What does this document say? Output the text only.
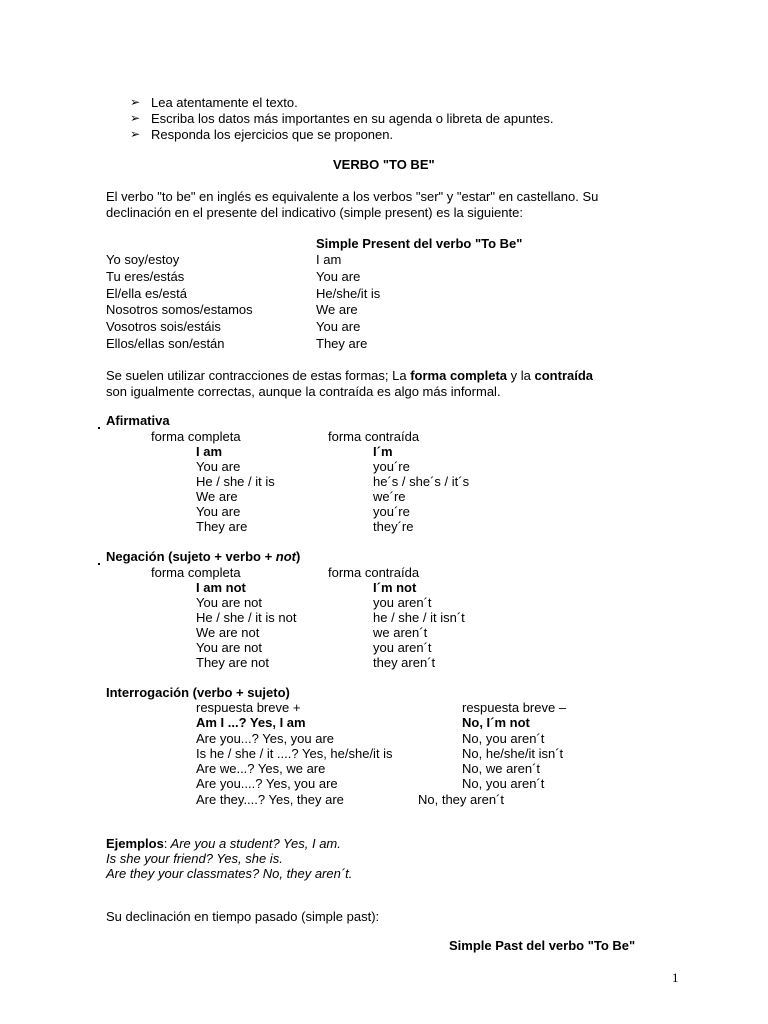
➢ Lea atentamente el texto.
➢ Escriba los datos más importantes en su agenda o libreta de apuntes.
➢ Responda los ejercicios que se proponen.
VERBO "TO BE"
El verbo "to be" en inglés es equivalente a los verbos "ser" y "estar" en castellano. Su
declinación en el presente del indicativo (simple present) es la siguiente:
Simple Present del verbo "To Be"
Yo soy/estoy	I am
Tu eres/estás	You are
El/ella es/está	He/she/it is
Nosotros somos/estamos	We are
Vosotros sois/estáis	You are
Ellos/ellas son/están	They are
Se suelen utilizar contracciones de estas formas; La forma completa y la contraída
son igualmente correctas, aunque la contraída es algo más informal.
Afirmativa
forma completa	forma contraída
I am	I´m
You are	you´re
He / she / it is	he´s / she´s / it´s
We are	we´re
You are	you´re
They are	they´re
Negación (sujeto + verbo + not)
forma completa	forma contraída
I am not	I´m not
You are not	you aren´t
He / she / it is not	he / she / it isn´t
We are not	we aren´t
You are not	you aren´t
They are not	they aren´t
Interrogación (verbo + sujeto)
respuesta breve +	respuesta breve –
Am I ...? Yes, I am	No, I´m not
Are you...? Yes, you are	No, you aren´t
Is he / she / it ....? Yes, he/she/it is	No, he/she/it isn´t
Are we...? Yes, we are	No, we aren´t
Are you....? Yes, you are	No, you aren´t
Are they....? Yes, they are	No, they aren´t
Ejemplos: Are you a student? Yes, I am.
Is she your friend? Yes, she is.
Are they your classmates? No, they aren´t.
Su declinación en tiempo pasado (simple past):
Simple Past del verbo "To Be"
1
